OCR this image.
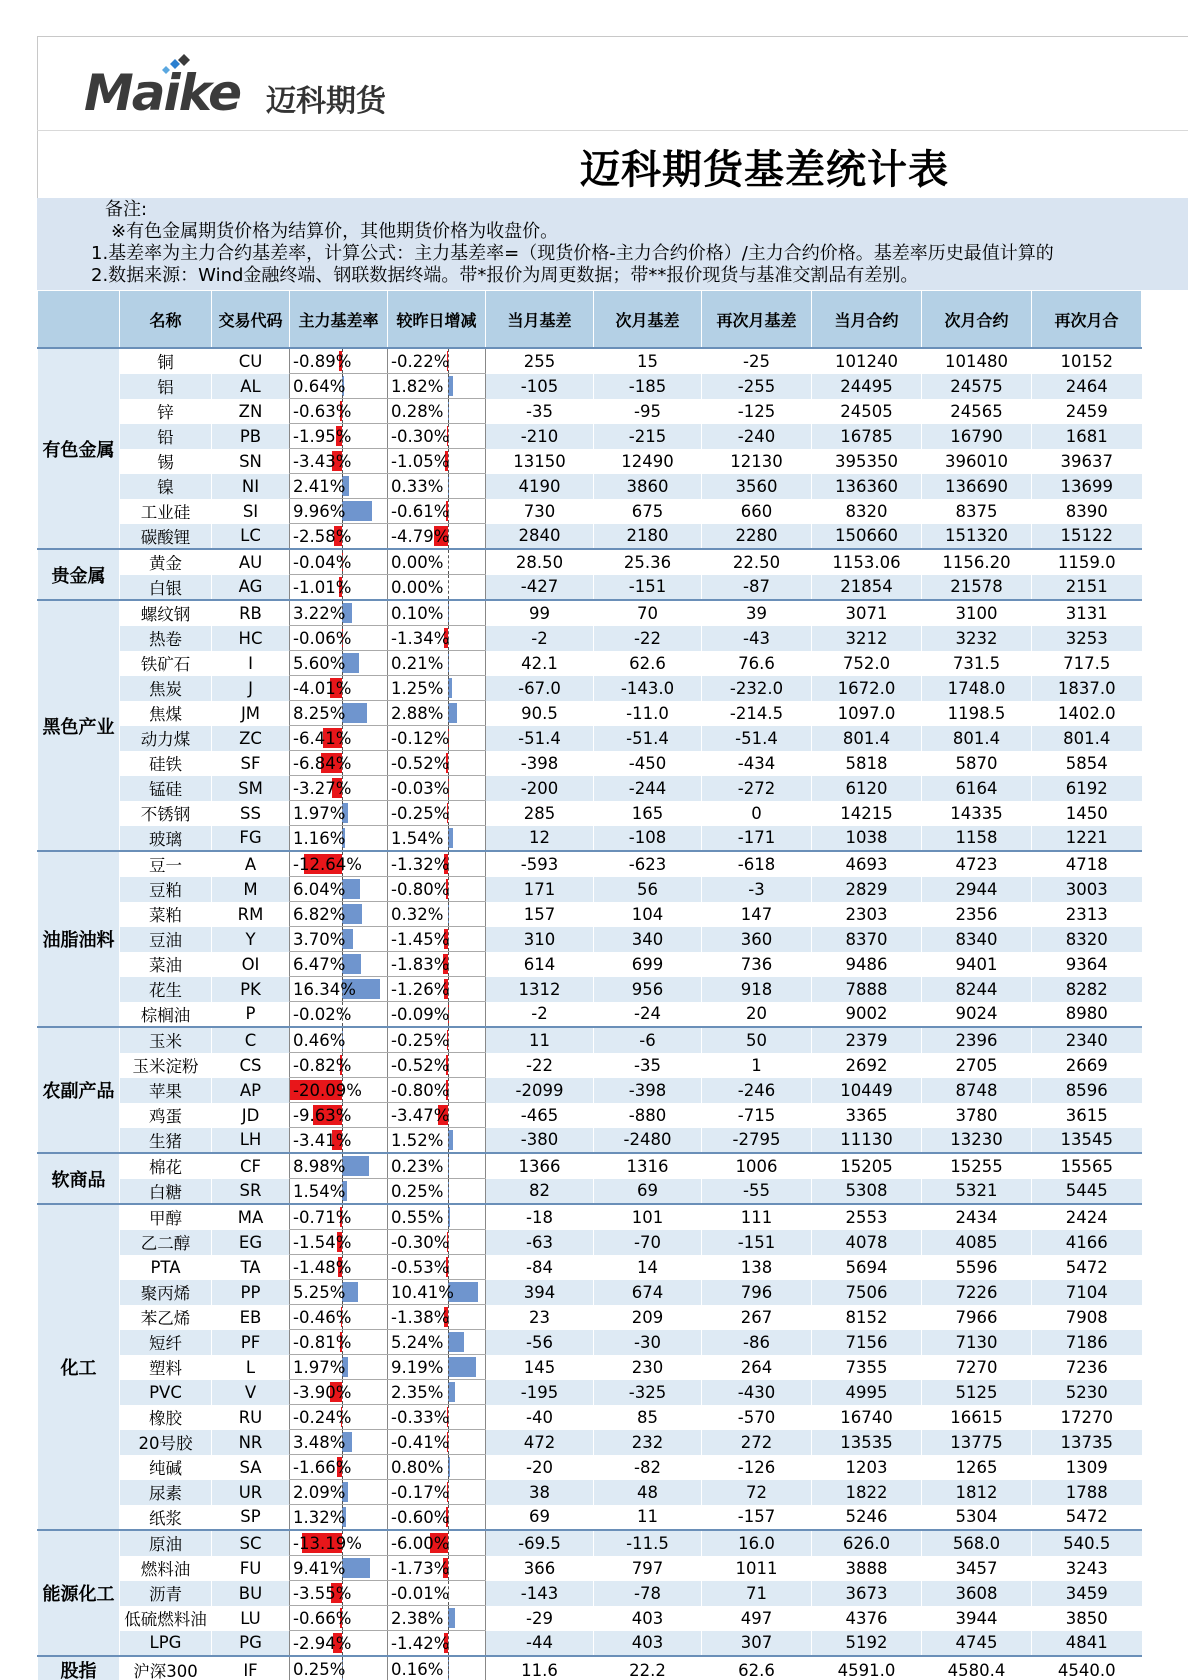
Maike 迈科期货
迈科期货基差统计表
备注:
※有色金属期货价格为结算价，其他期货价格为收盘价。
1.基差率为主力合约基差率，计算公式：主力基差率=（现货价格-主力合约价格）/主力合约价格。基差率历史最值计算的
2.数据来源：Wind金融终端、钢联数据终端。带*报价为周更数据；带**报价现货与基准交割品有差别。
	名称	交易代码	主力基差率	较昨日增减	当月基差	次月基差	再次月基差	当月合约	次月合约	再次月合
有色金属	铜	CU	-0.89%	-0.22%	255	15	-25	101240	101480	10152
	铝	AL	0.64%	1.82%	-105	-185	-255	24495	24575	2464
	锌	ZN	-0.63%	0.28%	-35	-95	-125	24505	24565	2459
	铅	PB	-1.95%	-0.30%	-210	-215	-240	16785	16790	1681
	锡	SN	-3.43%	-1.05%	13150	12490	12130	395350	396010	39637
	镍	NI	2.41%	0.33%	4190	3860	3560	136360	136690	13699
	工业硅	SI	9.96%	-0.61%	730	675	660	8320	8375	8390
	碳酸锂	LC	-2.58%	-4.79%	2840	2180	2280	150660	151320	15122
贵金属	黄金	AU	-0.04%	0.00%	28.50	25.36	22.50	1153.06	1156.20	1159.0
	白银	AG	-1.01%	0.00%	-427	-151	-87	21854	21578	2151
黑色产业	螺纹钢	RB	3.22%	0.10%	99	70	39	3071	3100	3131
	热卷	HC	-0.06%	-1.34%	-2	-22	-43	3212	3232	3253
	铁矿石	I	5.60%	0.21%	42.1	62.6	76.6	752.0	731.5	717.5
	焦炭	J	-4.01%	1.25%	-67.0	-143.0	-232.0	1672.0	1748.0	1837.0
	焦煤	JM	8.25%	2.88%	90.5	-11.0	-214.5	1097.0	1198.5	1402.0
	动力煤	ZC	-6.41%	-0.12%	-51.4	-51.4	-51.4	801.4	801.4	801.4
	硅铁	SF	-6.84%	-0.52%	-398	-450	-434	5818	5870	5854
	锰硅	SM	-3.27%	-0.03%	-200	-244	-272	6120	6164	6192
	不锈钢	SS	1.97%	-0.25%	285	165	0	14215	14335	1450
	玻璃	FG	1.16%	1.54%	12	-108	-171	1038	1158	1221
油脂油料	豆一	A	-12.64%	-1.32%	-593	-623	-618	4693	4723	4718
	豆粕	M	6.04%	-0.80%	171	56	-3	2829	2944	3003
	菜粕	RM	6.82%	0.32%	157	104	147	2303	2356	2313
	豆油	Y	3.70%	-1.45%	310	340	360	8370	8340	8320
	菜油	OI	6.47%	-1.83%	614	699	736	9486	9401	9364
	花生	PK	16.34%	-1.26%	1312	956	918	7888	8244	8282
	棕榈油	P	-0.02%	-0.09%	-2	-24	20	9002	9024	8980
农副产品	玉米	C	0.46%	-0.25%	11	-6	50	2379	2396	2340
	玉米淀粉	CS	-0.82%	-0.52%	-22	-35	1	2692	2705	2669
	苹果	AP	-20.09%	-0.80%	-2099	-398	-246	10449	8748	8596
	鸡蛋	JD	-9.63%	-3.47%	-465	-880	-715	3365	3780	3615
	生猪	LH	-3.41%	1.52%	-380	-2480	-2795	11130	13230	13545
软商品	棉花	CF	8.98%	0.23%	1366	1316	1006	15205	15255	15565
	白糖	SR	1.54%	0.25%	82	69	-55	5308	5321	5445
化工	甲醇	MA	-0.71%	0.55%	-18	101	111	2553	2434	2424
	乙二醇	EG	-1.54%	-0.30%	-63	-70	-151	4078	4085	4166
	PTA	TA	-1.48%	-0.53%	-84	14	138	5694	5596	5472
	聚丙烯	PP	5.25%	10.41%	394	674	796	7506	7226	7104
	苯乙烯	EB	-0.46%	-1.38%	23	209	267	8152	7966	7908
	短纤	PF	-0.81%	5.24%	-56	-30	-86	7156	7130	7186
	塑料	L	1.97%	9.19%	145	230	264	7355	7270	7236
	PVC	V	-3.90%	2.35%	-195	-325	-430	4995	5125	5230
	橡胶	RU	-0.24%	-0.33%	-40	85	-570	16740	16615	17270
	20号胶	NR	3.48%	-0.41%	472	232	272	13535	13775	13735
	纯碱	SA	-1.66%	0.80%	-20	-82	-126	1203	1265	1309
	尿素	UR	2.09%	-0.17%	38	48	72	1822	1812	1788
	纸浆	SP	1.32%	-0.60%	69	11	-157	5246	5304	5472
能源化工	原油	SC	-13.19%	-6.00%	-69.5	-11.5	16.0	626.0	568.0	540.5
	燃料油	FU	9.41%	-1.73%	366	797	1011	3888	3457	3243
	沥青	BU	-3.55%	-0.01%	-143	-78	71	3673	3608	3459
	低硫燃料油	LU	-0.66%	2.38%	-29	403	497	4376	3944	3850
	LPG	PG	-2.94%	-1.42%	-44	403	307	5192	4745	4841
股指	沪深300	IF	0.25%	0.16%	11.6	22.2	62.6	4591.0	4580.4	4540.0
